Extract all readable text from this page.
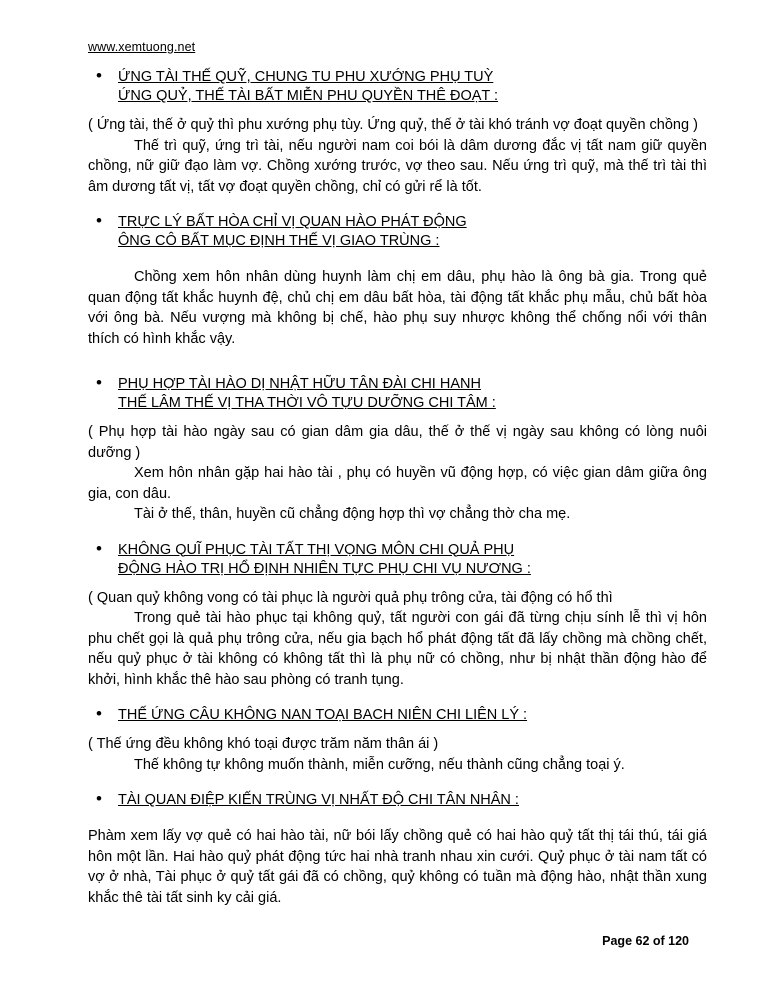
www.xemtuong.net
• ỨNG TÀI THẾ QUỸ, CHUNG TU PHU XƯỚNG PHỤ TUỲ
ỨNG QUỶ, THẾ TÀI BẤT MIỄN PHU QUYỀN THÊ ĐOẠT :

( Ứng tài, thế ở quỷ thì phu xướng phụ tùy. Ứng quỷ, thế ở tài khó tránh vợ đoạt quyền chồng )

Thế trì quỹ, ứng trì tài, nếu người nam coi bói là dâm dương đắc vị tất nam giữ quyền chồng, nữ giữ đạo làm vợ. Chồng xướng trước, vợ theo sau. Nếu ứng trì quỹ, mà thế trì tài thì âm dương tất vị, tất vợ đoạt quyền chồng, chỉ có gửi rể là tốt.

• TRỰC LÝ BẤT HÒA CHỈ VỊ QUAN HÀO PHÁT ĐỘNG
ÔNG CÔ BẤT MỤC ĐỊNH THẾ VỊ GIAO TRÙNG :

Chồng xem hôn nhân dùng huynh làm chị em dâu, phụ hào là ông bà gia. Trong quẻ quan động tất khắc huynh đệ, chủ chị em dâu bất hòa, tài động tất khắc phụ mẫu, chủ bất hòa với ông bà. Nếu vượng mà không bị chế, hào phụ suy nhược không thể chống nổi với thân thích có hình khắc vậy.

• PHỤ HỢP TÀI HÀO DỊ NHẬT HỮU TÂN ĐÀI CHI HANH
THẾ LÂM THẾ VỊ THA THỜI VÔ TỰU DƯỠNG CHI TÂM :

( Phụ hợp tài hào ngày sau có gian dâm gia dâu, thế ở thế vị ngày sau không có lòng nuôi dưỡng )

Xem hôn nhân gặp hai hào tài , phụ có huyền vũ động hợp, có việc gian dâm giữa ông gia, con dâu.

Tài ở thế, thân, huyền cũ chẳng động hợp thì vợ chẳng thờ cha mẹ.

• KHÔNG QUĨ PHỤC TÀI TẤT THỊ VỌNG MÔN CHI QUẢ PHỤ
ĐỘNG HÀO TRỊ HỔ ĐỊNH NHIÊN TỰC PHỤ CHI VỤ NƯƠNG :

( Quan quỷ không vong có tài phục là người quả phụ trông cửa, tài động có hổ thì

Trong quẻ tài hào phục tại không quỷ, tất người con gái đã từng chịu sính lễ thì vị hôn phu chết gọi là quả phụ trông cửa, nếu gia bạch hổ phát động tất đã lấy chồng mà chồng chết, nếu quỷ phục ở tài không có không tất thì là phụ nữ có chồng, như bị nhật thần động hào để khởi, hình khắc thê hào sau phòng có tranh tụng.

• THẾ ỨNG CÂU KHÔNG NAN TOẠI BACH NIÊN CHI LIÊN LÝ :

( Thế ứng đều không khó toại được trăm năm thân ái )

Thế không tự không muốn thành, miễn cưỡng, nếu thành cũng chẳng toại ý.

• TÀI QUAN ĐIỆP KIẾN TRÙNG VỊ NHẤT ĐỘ CHI TÂN NHÂN :

Phàm xem lấy vợ quẻ có hai hào tài, nữ bói lấy chồng quẻ có hai hào quỷ tất thị tái thú, tái giá hôn một lần. Hai hào quỷ phát động tức hai nhà tranh nhau xin cưới. Quỷ phục ở tài nam tất có vợ ở nhà, Tài phục ở quỷ tất gái đã có chồng, quỷ không có tuần mà động hào, nhật thần xung khắc thê tài tất sinh ky cải giá.

Page 62 of 120
